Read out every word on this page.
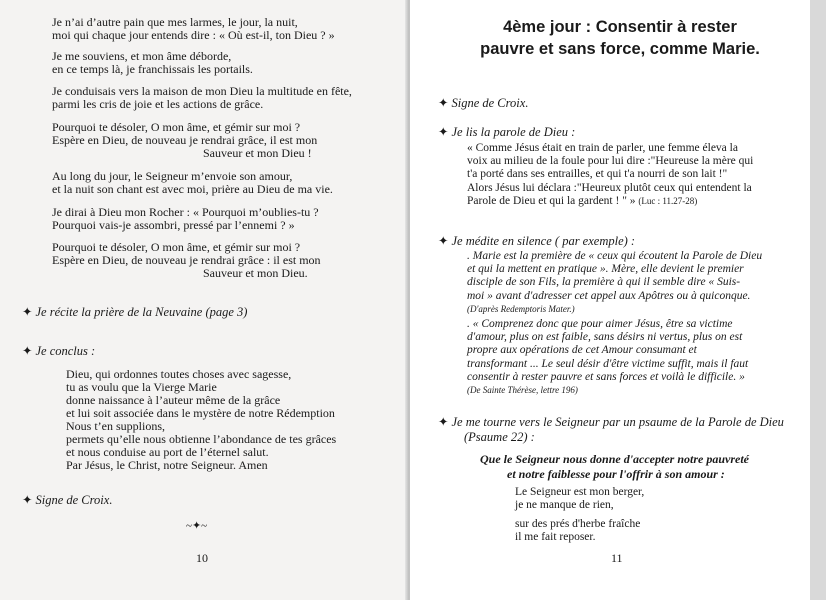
Je n’ai d’autre pain que mes larmes, le jour, la nuit,
moi qui chaque jour entends dire : « Où est-il, ton Dieu ? »
Je me souviens, et mon âme déborde,
en ce temps là, je franchissais les portails.
Je conduisais vers la maison de mon Dieu la multitude en fête,
parmi les cris de joie et les actions de grâce.
Pourquoi te désoler, O mon âme, et gémir sur moi ?
Espère en Dieu, de nouveau je rendrai grâce, il est mon
Sauveur et mon Dieu !
Au long du jour, le Seigneur m’envoie son amour,
et la nuit son chant est avec moi, prière au Dieu de ma vie.
Je dirai à Dieu mon Rocher : « Pourquoi m’oublies-tu ?
Pourquoi vais-je assombri, pressé par l’ennemi ? »
Pourquoi te désoler, O mon âme, et gémir sur moi ?
Espère en Dieu, de nouveau je rendrai grâce : il est mon
Sauveur et mon Dieu.
✦ Je récite la prière de la Neuvaine (page 3)
✦ Je conclus :
Dieu, qui ordonnes toutes choses avec sagesse,
tu as voulu que la Vierge Marie
donne naissance à l’auteur même de la grâce
et lui soit associée dans le mystère de notre Rédemption
Nous t’en supplions,
permets qu’elle nous obtienne l’abondance de tes grâces
et nous conduise au port de l’éternel salut.
Par Jésus, le Christ, notre Seigneur. Amen
✦ Signe de Croix.
~✦~
10
4ème jour : Consentir à rester
pauvre et sans force, comme Marie.
✦ Signe de Croix.
✦ Je lis la parole de Dieu :
« Comme Jésus était en train de parler, une femme éleva la
voix au milieu de la foule pour lui dire :"Heureuse la mère qui
t'a porté dans ses entrailles, et qui t'a nourri de son lait !"
Alors Jésus lui déclara :"Heureux plutôt ceux qui entendent la
Parole de Dieu et qui la gardent ! " » (Luc : 11.27-28)
✦ Je médite en silence ( par exemple) :
. Marie est la première de « ceux qui écoutent la Parole de Dieu
et qui la mettent en pratique ». Mère, elle devient le premier
disciple de son Fils, la première à qui il semble dire « Suis-
moi » avant d'adresser cet appel aux Apôtres ou à quiconque.
(D'après Redemptoris Mater.)
. « Comprenez donc que pour aimer Jésus, être sa victime
d'amour, plus on est faible, sans désirs ni vertus, plus on est
propre aux opérations de cet Amour consumant et
transformant ... Le seul désir d'être victime suffit, mais il faut
consentir à rester pauvre et sans forces et voilà le difficile. »
(De Sainte Thérèse, lettre 196)
✦ Je me tourne vers le Seigneur par un psaume de la Parole de Dieu
(Psaume 22) :
Que le Seigneur nous donne d'accepter notre pauvreté
et notre faiblesse pour l'offrir à son amour :
Le Seigneur est mon berger,
je ne manque de rien,
sur des prés d'herbe fraîche
il me fait reposer.
11
